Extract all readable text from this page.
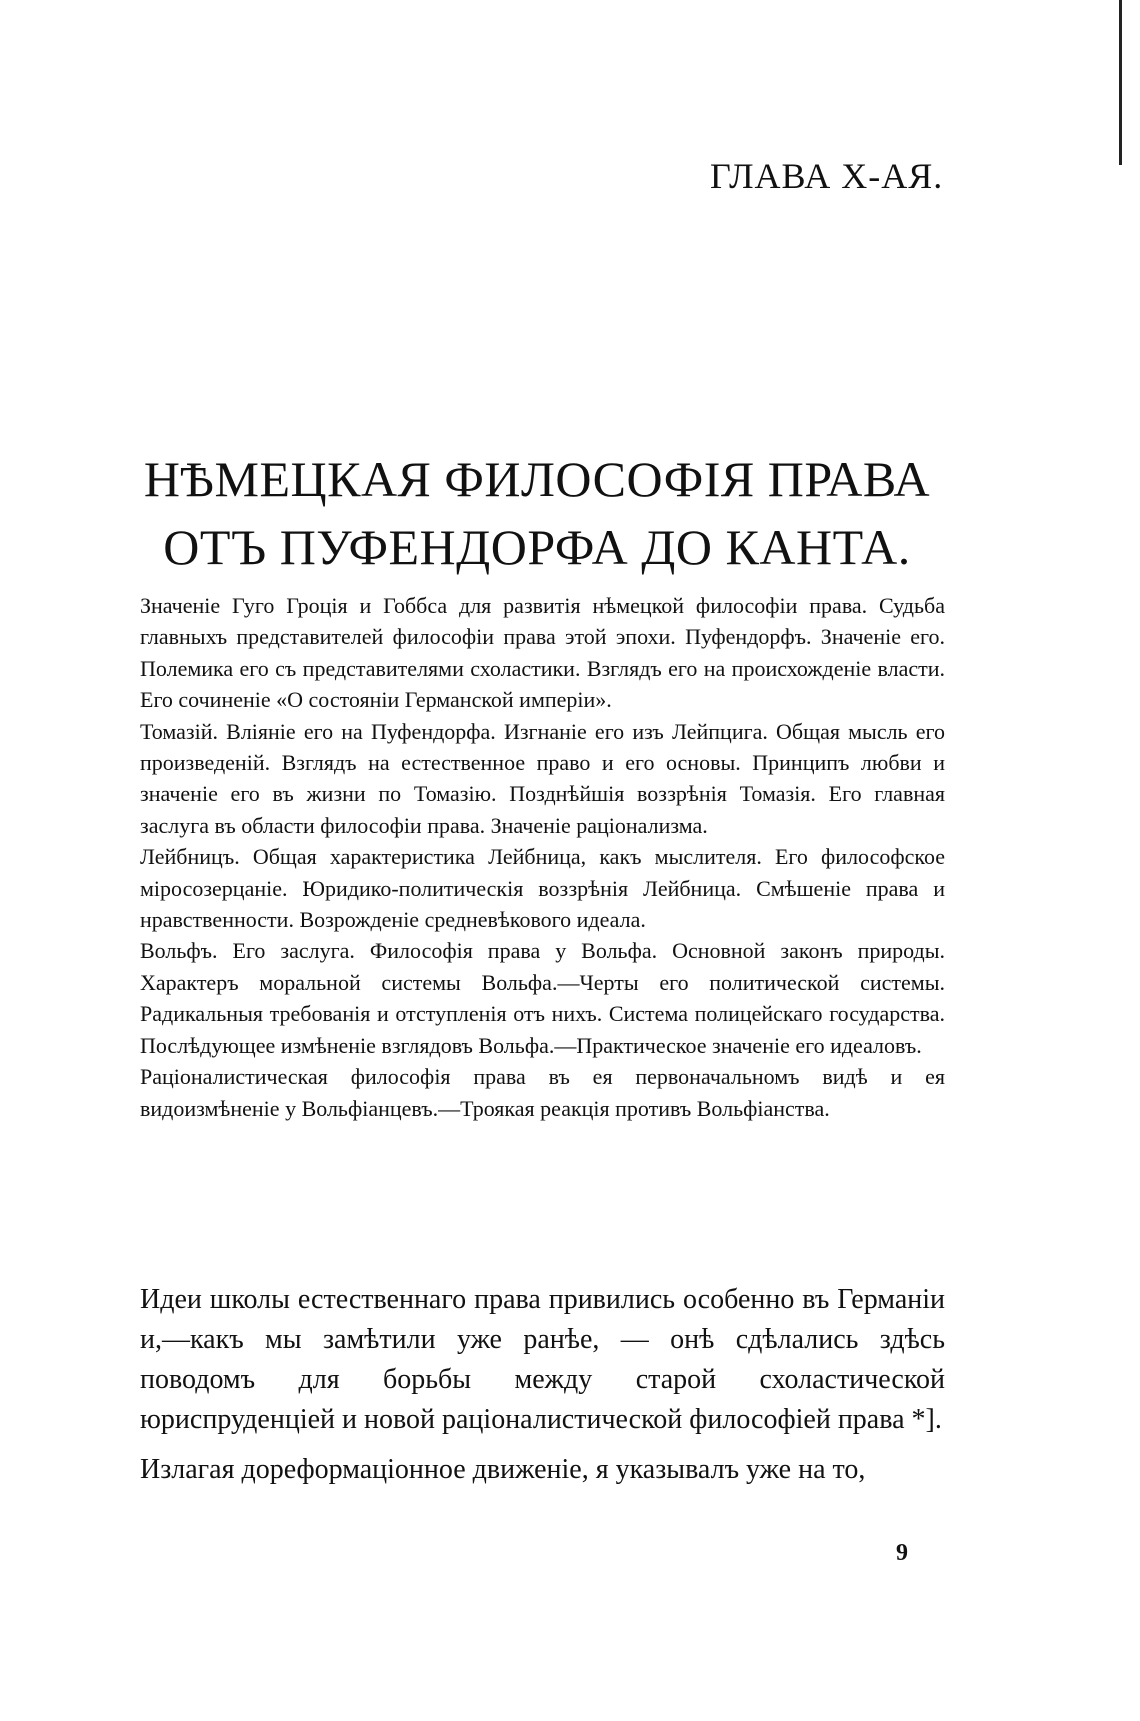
ГЛАВА Х-АЯ.
НѢМЕЦКАЯ ФИЛОСОФІЯ ПРАВА
ОТЪ ПУФЕНДОРФА ДО КАНТА.

Значеніе Гуго Гроція и Гоббса для развитія нѣмецкой философіи права. Судьба главныхъ представителей философіи права этой эпохи. Пуфендорфъ. Значеніе его. Полемика его съ представителями схоластики. Взглядъ его на происхожденіе власти. Его сочиненіе «О состояніи Германской имперіи».

Томазій. Вліяніе его на Пуфендорфа. Изгнаніе его изъ Лейпцига. Общая мысль его произведеній. Взглядъ на естественное право и его основы. Принципъ любви и значеніе его въ жизни по Томазію. Позднѣйшія воззрѣнія Томазія. Его главная заслуга въ области философіи права. Значеніе раціонализма.

Лейбницъ. Общая характеристика Лейбница, какъ мыслителя. Его философское міросозерцаніе. Юридико-политическія воззрѣнія Лейбница. Смѣшеніе права и нравственности. Возрожденіе средневѣкового идеала.

Вольфъ. Его заслуга. Философія права у Вольфа. Основной законъ природы. Характеръ моральной системы Вольфа.—Черты его политической системы. Радикальныя требованія и отступленія отъ нихъ. Система полицейскаго государства. Послѣдующее измѣненіе взглядовъ Вольфа.—Практическое значеніе его идеаловъ.

Раціоналистическая философія права въ ея первоначальномъ видѣ и ея видоизмѣненіе у Вольфіанцевъ.—Троякая реакція противъ Вольфіанства.

Идеи школы естественнаго права привились особенно въ Германіи и,—какъ мы замѣтили уже ранѣе, — онѣ сдѣлались здѣсь поводомъ для борьбы между старой схоластической юриспруденціей и новой раціоналистической философіей права *].

Излагая дореформаціонное движеніе, я указывалъ уже на то,

9
